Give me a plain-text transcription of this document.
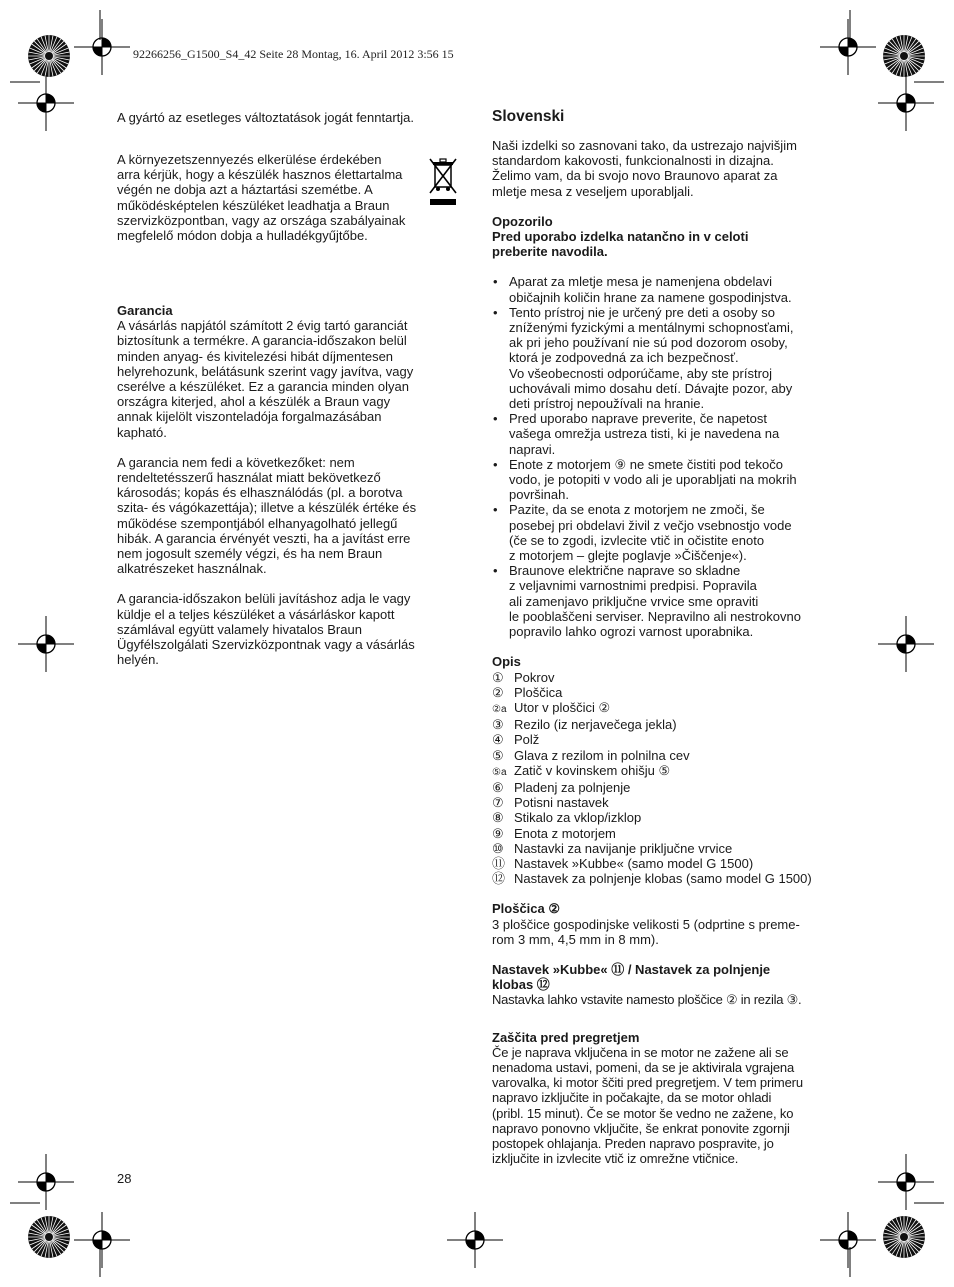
92266256_G1500_S4_42 Seite 28 Montag, 16. April 2012 3:56 15

A gyártó az esetleges változtatások jogát fenntartja.

A környezetszennyezés elkerülése érdekében
arra kérjük, hogy a készülék hasznos élettartalma
végén ne dobja azt a háztartási szemétbe. A
működésképtelen készüléket leadhatja a Braun
szervizközpontban, vagy az országa szabályainak
megfelelő módon dobja a hulladékgyűjtőbe.

Garancia

A vásárlás napjától számított 2 évig tartó garanciát
biztosítunk a termékre. A garancia-időszakon belül
minden anyag- és kivitelezési hibát díjmentesen
helyrehozunk, belátásunk szerint vagy javítva, vagy
cserélve a készüléket. Ez a garancia minden olyan
országra kiterjed, ahol a készülék a Braun vagy
annak kijelölt viszonteladója forgalmazásában
kapható.

A garancia nem fedi a következőket: nem
rendeltetésszerű használat miatt bekövetkező
károsodás; kopás és elhasználódás (pl. a borotva
szita- és vágókazettája); illetve a készülék értéke és
működése szempontjából elhanyagolható jellegű
hibák. A garancia érvényét veszti, ha a javítást erre
nem jogosult személy végzi, és ha nem Braun
alkatrészeket használnak.

A garancia-időszakon belüli javításhoz adja le vagy
küldje el a teljes készüléket a vásárláskor kapott
számlával együtt valamely hivatalos Braun
Ügyfélszolgálati Szervizközpontnak vagy a vásárlás
helyén.

28

Slovenski

Naši izdelki so zasnovani tako, da ustrezajo najvišjim
standardom kakovosti, funkcionalnosti in dizajna.
Želimo vam, da bi svojo novo Braunovo aparat za
mletje mesa z veseljem uporabljali.

Opozorilo

Pred uporabo izdelka natančno in v celoti
preberite navodila.

• Aparat za mletje mesa je namenjena obdelavi
običajnih količin hrane za namene gospodinjstva.
• Tento prístroj nie je určený pre deti a osoby so
zníženými fyzickými a mentálnymi schopnosťami,
ak pri jeho používaní nie sú pod dozorom osoby,
ktorá je zodpovedná za ich bezpečnosť.
Vo všeobecnosti odporúčame, aby ste prístroj
uchovávali mimo dosahu detí. Dávajte pozor, aby
deti prístroj nepoužívali na hranie.
• Pred uporabo naprave preverite, če napetost
vašega omrežja ustreza tisti, ki je navedena na
napravi.
• Enote z motorjem ⑨ ne smete čistiti pod tekočo
vodo, je potopiti v vodo ali je uporabljati na mokrih
površinah.
• Pazite, da se enota z motorjem ne zmoči, še
posebej pri obdelavi živil z večjo vsebnostjo vode
(če se to zgodi, izvlecite vtič in očistite enoto
z motorjem – glejte poglavje »Čiščenje«).
• Braunove električne naprave so skladne
z veljavnimi varnostnimi predpisi. Popravila
ali zamenjavo priključne vrvice sme opraviti
le pooblaščeni serviser. Nepravilno ali nestrokovno
popravilo lahko ogrozi varnost uporabnika.

Opis

① Pokrov
② Ploščica
②a Utor v ploščici ②
③ Rezilo (iz nerjavečega jekla)
④ Polž
⑤ Glava z rezilom in polnilna cev
⑤a Zatič v kovinskem ohišju ⑤
⑥ Pladenj za polnjenje
⑦ Potisni nastavek
⑧ Stikalo za vklop/izklop
⑨ Enota z motorjem
⑩ Nastavki za navijanje priključne vrvice
⑪ Nastavek »Kubbe« (samo model G 1500)
⑫ Nastavek za polnjenje klobas (samo model G 1500)

Ploščica ②

3 ploščice gospodinjske velikosti 5 (odprtine s preme-
rom 3 mm, 4,5 mm in 8 mm).

Nastavek »Kubbe« ⑪ / Nastavek za polnjenje
klobas ⑫

Nastavka lahko vstavite namesto ploščice ② in rezila ③.

Zaščita pred pregretjem

Če je naprava vključena in se motor ne zažene ali se
nenadoma ustavi, pomeni, da se je aktivirala vgrajena
varovalka, ki motor ščiti pred pregretjem. V tem primeru
napravo izključite in počakajte, da se motor ohladi
(pribl. 15 minut). Če se motor še vedno ne zažene, ko
napravo ponovno vključite, še enkrat ponovite zgornji
postopek ohlajanja. Preden napravo pospravite, jo
izključite in izvlecite vtič iz omrežne vtičnice.
